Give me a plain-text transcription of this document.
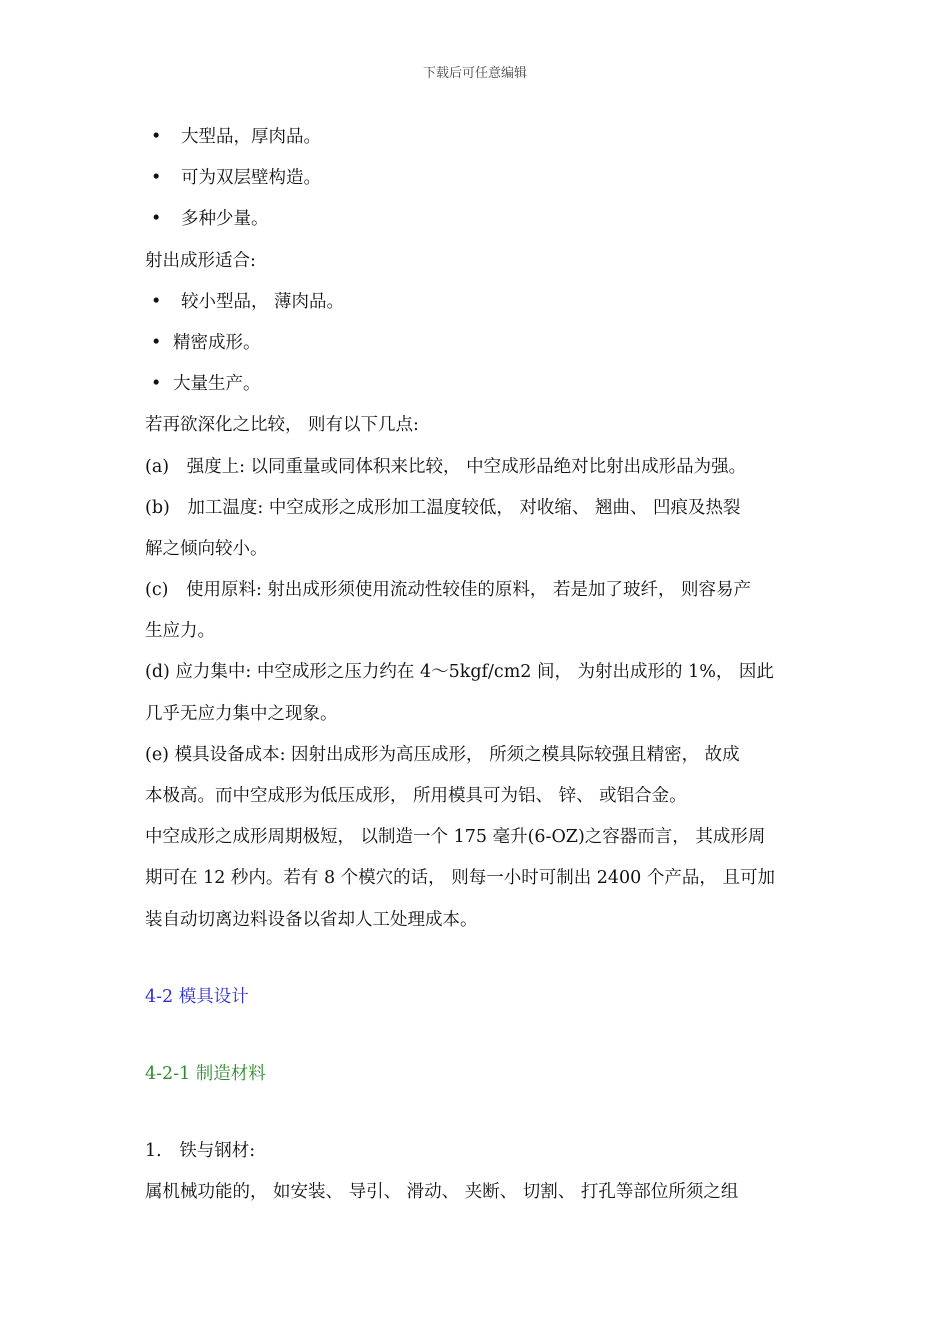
下载后可任意编辑
• 大型品，厚肉品。
• 可为双层壁构造。
• 多种少量。
射出成形适合:
• 较小型品， 薄肉品。
• 精密成形。
• 大量生产。
若再欲深化之比较， 则有以下几点:
(a)　强度上: 以同重量或同体积来比较， 中空成形品绝对比射出成形品为强。
(b)　加工温度: 中空成形之成形加工温度较低， 对收缩、 翘曲、 凹痕及热裂
解之倾向较小。
(c)　使用原料: 射出成形须使用流动性较佳的原料， 若是加了玻纤， 则容易产
生应力。
(d) 应力集中: 中空成形之压力约在 4～5kgf/cm2 间， 为射出成形的 1%， 因此
几乎无应力集中之现象。
(e) 模具设备成本: 因射出成形为高压成形， 所须之模具际较强且精密， 故成
本极高。而中空成形为低压成形， 所用模具可为铝、 锌、 或铝合金。
中空成形之成形周期极短， 以制造一个 175 毫升(6-OZ)之容器而言， 其成形周
期可在 12 秒内。若有 8 个模穴的话， 则每一小时可制出 2400 个产品， 且可加
装自动切离边料设备以省却人工处理成本。
4-2 模具设计
4-2-1 制造材料
1.　铁与钢材:
属机械功能的， 如安装、 导引、 滑动、 夹断、 切割、 打孔等部位所须之组
